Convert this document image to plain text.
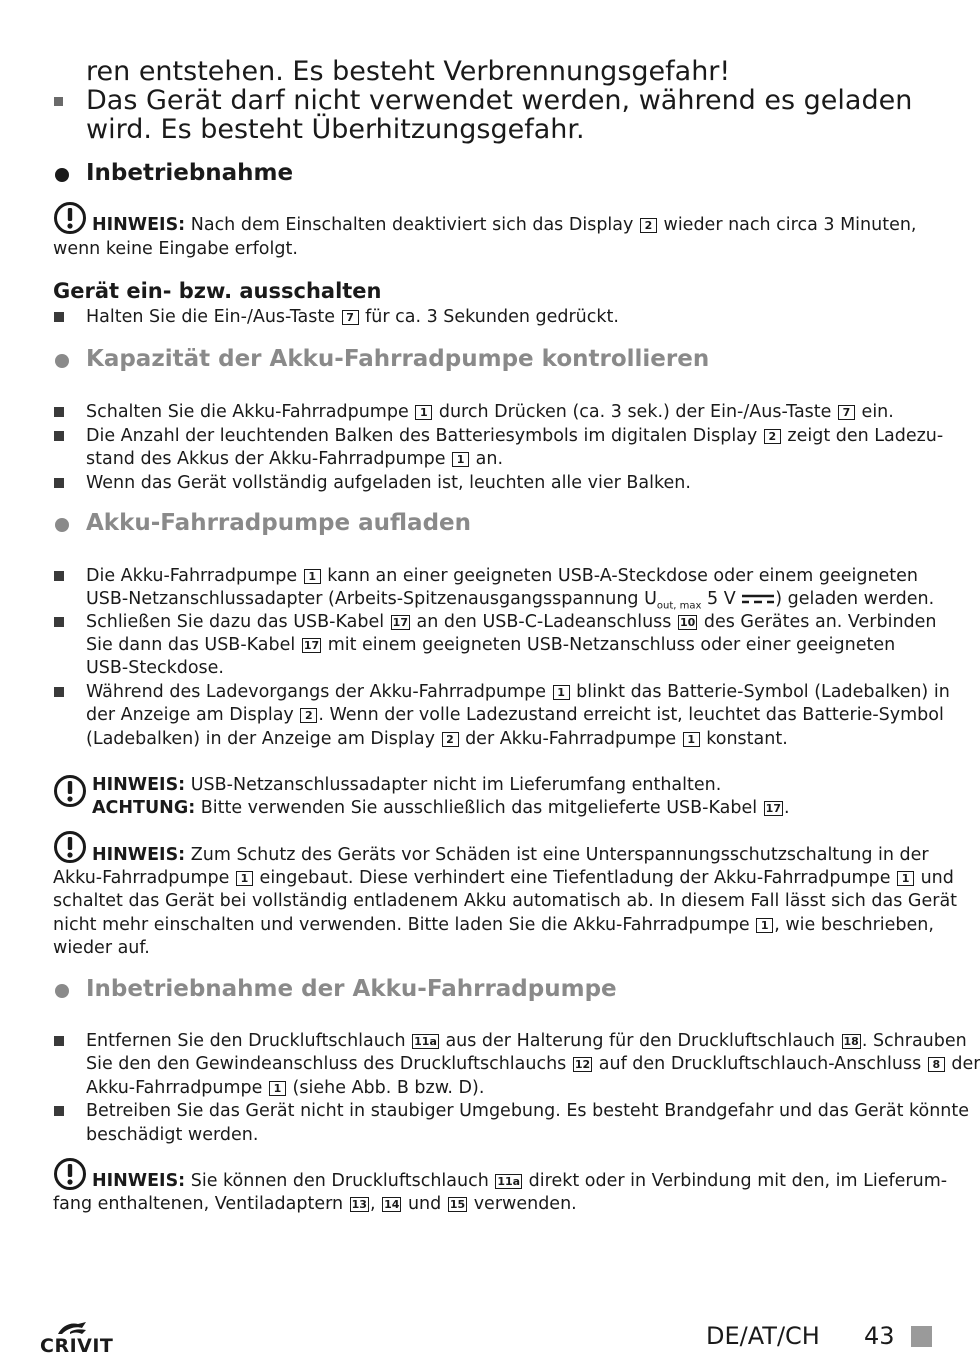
ren entstehen. Es besteht Verbrennungsgefahr!
Das Gerät darf nicht verwendet werden, während es geladen
wird. Es besteht Überhitzungsgefahr.
Inbetriebnahme
HINWEIS: Nach dem Einschalten deaktiviert sich das Display 2 wieder nach circa 3 Minuten,
wenn keine Eingabe erfolgt.
Gerät ein- bzw. ausschalten
Halten Sie die Ein-/Aus-Taste 7 für ca. 3 Sekunden gedrückt.
Kapazität der Akku-Fahrradpumpe kontrollieren
Schalten Sie die Akku-Fahrradpumpe 1 durch Drücken (ca. 3 sek.) der Ein-/Aus-Taste 7 ein.
Die Anzahl der leuchtenden Balken des Batteriesymbols im digitalen Display 2 zeigt den Ladezu-
stand des Akkus der Akku-Fahrradpumpe 1 an.
Wenn das Gerät vollständig aufgeladen ist, leuchten alle vier Balken.
Akku-Fahrradpumpe aufladen
Die Akku-Fahrradpumpe 1 kann an einer geeigneten USB-A-Steckdose oder einem geeigneten
USB-Netzanschlussadapter (Arbeits-Spitzenausgangsspannung $U_{out, max}$ 5 V ) geladen werden.
Schließen Sie dazu das USB-Kabel 17 an den USB-C-Ladeanschluss 10 des Gerätes an. Verbinden
Sie dann das USB-Kabel 17 mit einem geeigneten USB-Netzanschluss oder einer geeigneten
USB-Steckdose.
Während des Ladevorgangs der Akku-Fahrradpumpe 1 blinkt das Batterie-Symbol (Ladebalken) in
der Anzeige am Display 2 . Wenn der volle Ladezustand erreicht ist, leuchtet das Batterie-Symbol
(Ladebalken) in der Anzeige am Display 2 der Akku-Fahrradpumpe 1 konstant.
HINWEIS: USB-Netzanschlussadapter nicht im Lieferumfang enthalten.
ACHTUNG: Bitte verwenden Sie ausschließlich das mitgelieferte USB-Kabel 17 .
HINWEIS: Zum Schutz des Geräts vor Schäden ist eine Unterspannungsschutzschaltung in der
Akku-Fahrradpumpe 1 eingebaut. Diese verhindert eine Tiefentladung der Akku-Fahrradpumpe 1 und
schaltet das Gerät bei vollständig entladenem Akku automatisch ab. In diesem Fall lässt sich das Gerät
nicht mehr einschalten und verwenden. Bitte laden Sie die Akku-Fahrradpumpe 1 , wie beschrieben,
wieder auf.
Inbetriebnahme der Akku-Fahrradpumpe
Entfernen Sie den Druckluftschlauch 11a aus der Halterung für den Druckluftschlauch 18 . Schrauben
Sie den den Gewindeanschluss des Druckluftschlauchs 12 auf den Druckluftschlauch-Anschluss 8 der
Akku-Fahrradpumpe 1 (siehe Abb. B bzw. D).
Betreiben Sie das Gerät nicht in staubiger Umgebung. Es besteht Brandgefahr und das Gerät könnte
beschädigt werden.
HINWEIS: Sie können den Druckluftschlauch 11a direkt oder in Verbindung mit den, im Lieferum-
fang enthaltenen, Ventiladaptern 13 , 14 und 15 verwenden.
CRIVIT	DE/AT/CH 43
